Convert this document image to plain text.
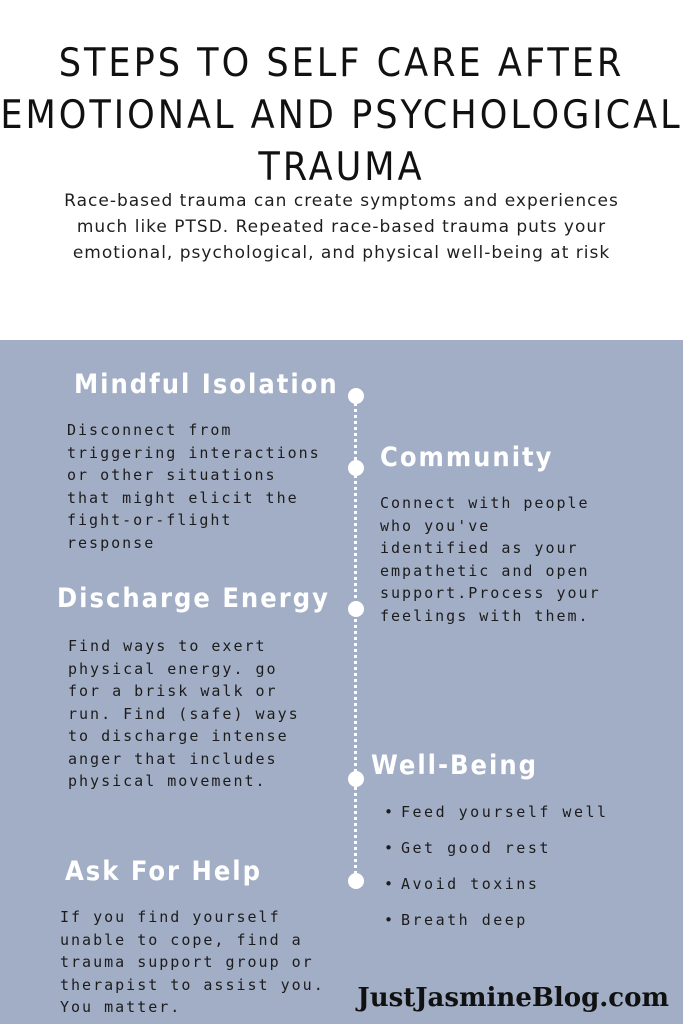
STEPS TO SELF CARE AFTER
EMOTIONAL AND PSYCHOLOGICAL
TRAUMA

Race-based trauma can create symptoms and experiences much like PTSD. Repeated race-based trauma puts your emotional, psychological, and physical well-being at risk

Mindful Isolation

Disconnect from triggering interactions or other situations that might elicit the fight-or-flight response

Community

Connect with people who you've identified as your empathetic and open support.Process your feelings with them.

Discharge Energy

Find ways to exert physical energy. go for a brisk walk or run. Find (safe) ways to discharge intense anger that includes physical movement.	Well-Being
• Feed yourself well
• Get good rest
• Avoid toxins
• Breath deep
Ask For Help

If you find yourself unable to cope, find a trauma support group or therapist to assist you. You matter.	JustJasmineBlog.com
